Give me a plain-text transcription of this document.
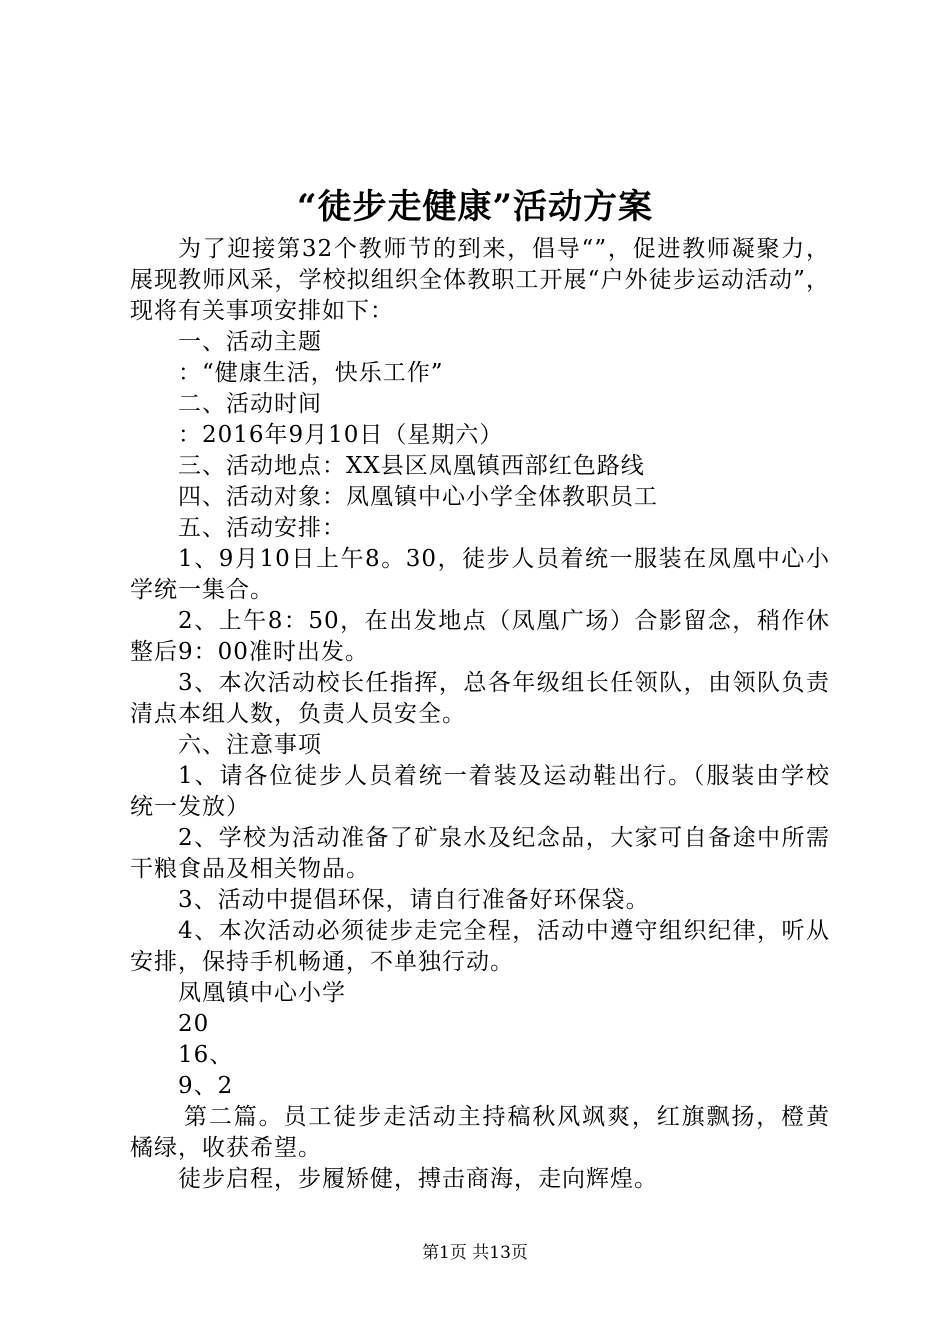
“徒步走健康”活动方案

为了迎接第32个教师节的到来，倡导“”，促进教师凝聚力，展现教师风采，学校拟组织全体教职工开展“户外徒步运动活动”，现将有关事项安排如下：

一、活动主题

：“健康生活，快乐工作”

二、活动时间

：2016年9月10日（星期六）

三、活动地点：XX县区凤凰镇西部红色路线

四、活动对象：凤凰镇中心小学全体教职员工

五、活动安排：

1、9月10日上午8。30，徒步人员着统一服装在凤凰中心小学统一集合。

2、上午8：50，在出发地点（凤凰广场）合影留念，稍作休整后9：00准时出发。

3、本次活动校长任指挥，总各年级组长任领队，由领队负责清点本组人数，负责人员安全。

六、注意事项

1、请各位徒步人员着统一着装及运动鞋出行。（服装由学校统一发放）

2、学校为活动准备了矿泉水及纪念品，大家可自备途中所需干粮食品及相关物品。

3、活动中提倡环保，请自行准备好环保袋。

4、本次活动必须徒步走完全程，活动中遵守组织纪律，听从安排，保持手机畅通，不单独行动。

凤凰镇中心小学

20

16、

9、2

第二篇。员工徒步走活动主持稿秋风飒爽，红旗飘扬，橙黄橘绿，收获希望。

徒步启程，步履矫健，搏击商海，走向辉煌。

第1页 共13页
